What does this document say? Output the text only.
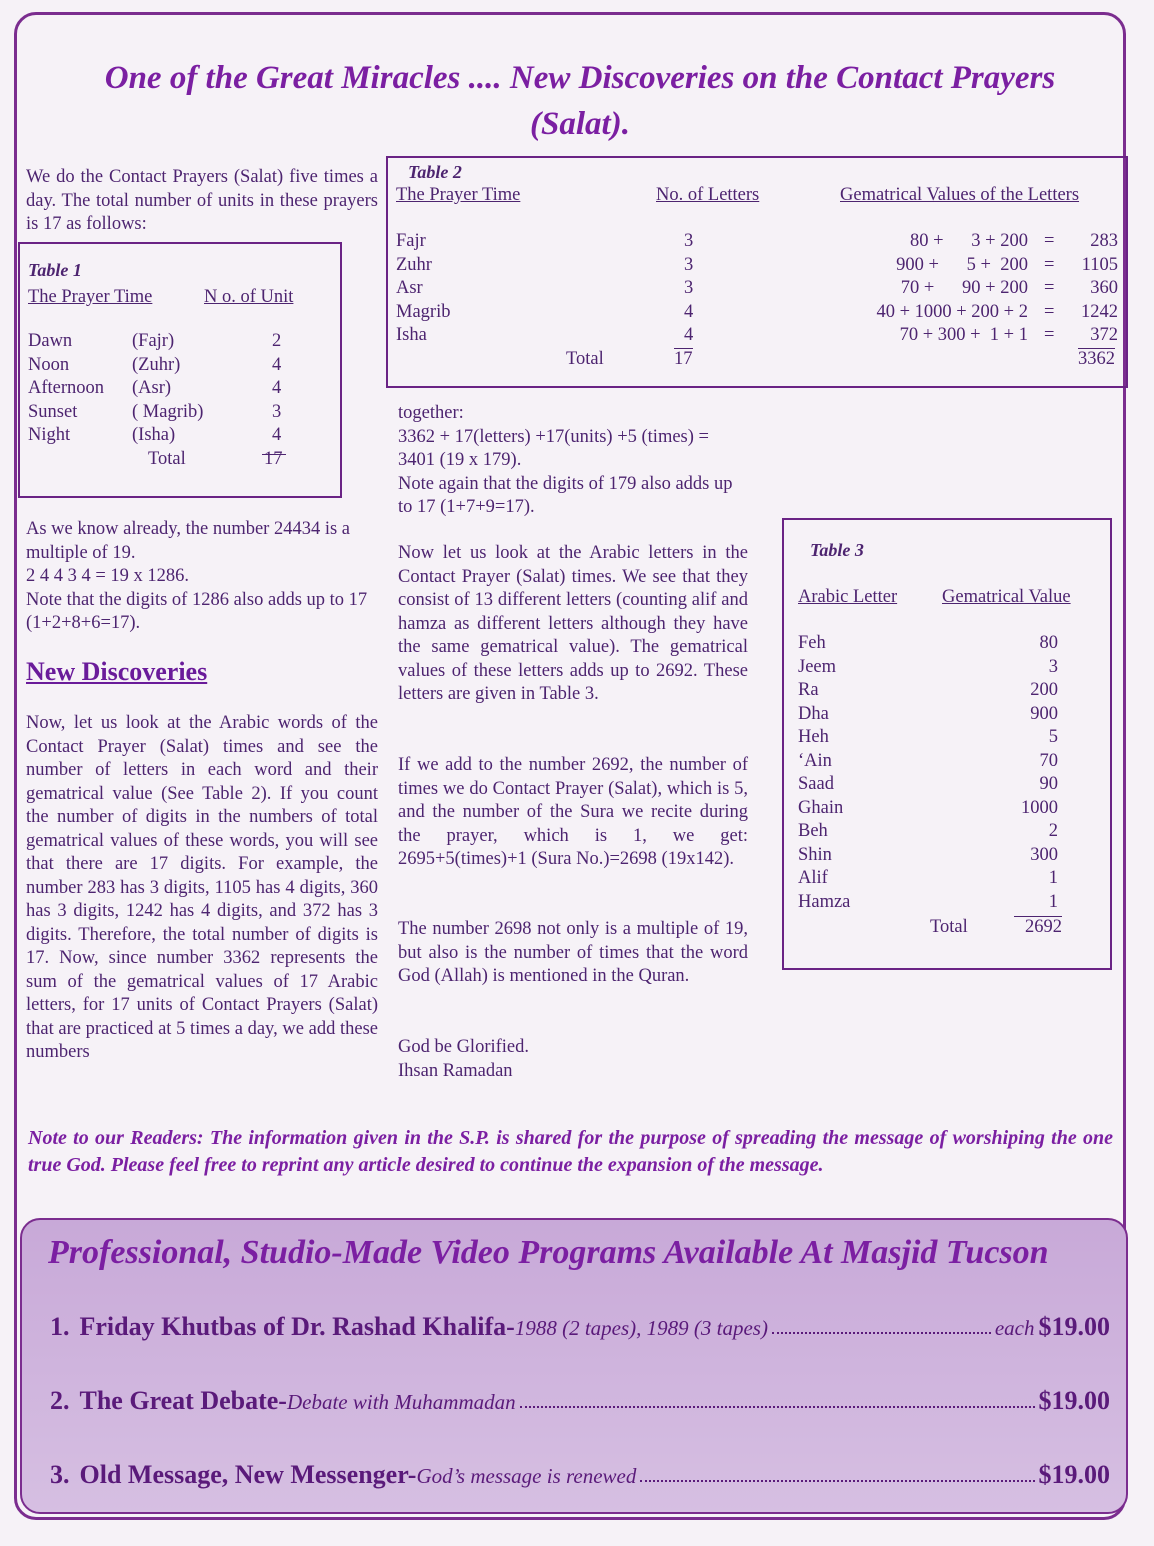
One of the Great Miracles .... New Discoveries on the Contact Prayers
(Salat).
We do the Contact Prayers (Salat) five times a day. The total number of units in these prayers is 17 as follows:
Table 1
The Prayer Time	N o. of Unit
Dawn	(Fajr)	2
Noon	(Zuhr)	4
Afternoon (Asr)	4
Sunset	( Magrib)	3
Night	(Isha)	4
Total	17
As we know already, the number 24434 is a multiple of 19.
2 4 4 3 4 = 19 x 1286.
Note that the digits of 1286 also adds up to 17 (1+2+8+6=17).
New Discoveries
Now, let us look at the Arabic words of the Contact Prayer (Salat) times and see the number of letters in each word and their gematrical value (See Table 2). If you count the number of digits in the numbers of total gematrical values of these words, you will see that there are 17 digits. For example, the number 283 has 3 digits, 1105 has 4 digits, 360 has 3 digits, 1242 has 4 digits, and 372 has 3 digits. Therefore, the total number of digits is 17. Now, since number 3362 represents the sum of the gematrical values of 17 Arabic letters, for 17 units of Contact Prayers (Salat) that are practiced at 5 times a day, we add these numbers
Table 2
The Prayer Time	No. of Letters	Gematrical Values of the Letters
Fajr	3	80 +      3 + 200 =	283
Zuhr	3	900 +      5 +  200 =	1105
Asr	3	70 +      90 + 200 =	360
Magrib	4	40 + 1000 + 200 + 2 =	1242
Isha	4	70 + 300 +  1 + 1 =	372
Total	17	3362
together:
3362 + 17(letters) +17(units) +5 (times) = 3401 (19 x 179).
Note again that the digits of 179 also adds up to 17 (1+7+9=17).
Now let us look at the Arabic letters in the Contact Prayer (Salat) times. We see that they consist of 13 different letters (counting alif and hamza as different letters although they have the same gematrical value). The gematrical values of these letters adds up to 2692. These letters are given in Table 3.
If we add to the number 2692, the number of times we do Contact Prayer (Salat), which is 5, and the number of the Sura we recite during the prayer, which is 1, we get: 2695+5(times)+1 (Sura No.)=2698 (19x142).
The number 2698 not only is a multiple of 19, but also is the number of times that the word God (Allah) is mentioned in the Quran.
God be Glorified.
Ihsan Ramadan
Table 3
Arabic Letter Gematrical Value
Feh	80
Jeem	3
Ra	200
Dha	900
Heh	5
‘Ain	70
Saad	90
Ghain	1000
Beh	2
Shin	300
Alif	1
Hamza	1
Total	2692
Note to our Readers: The information given in the S.P. is shared for the purpose of spreading the message of worshiping the one true God. Please feel free to reprint any article desired to continue the expansion of the message.
Professional, Studio-Made Video Programs Available At Masjid Tucson
1. Friday Khutbas of Dr. Rashad Khalifa- 1988 (2 tapes), 1989 (3 tapes)	each $19.00
2. The Great Debate- Debate with Muhammadan	$19.00
3. Old Message, New Messenger- God’s message is renewed	$19.00
